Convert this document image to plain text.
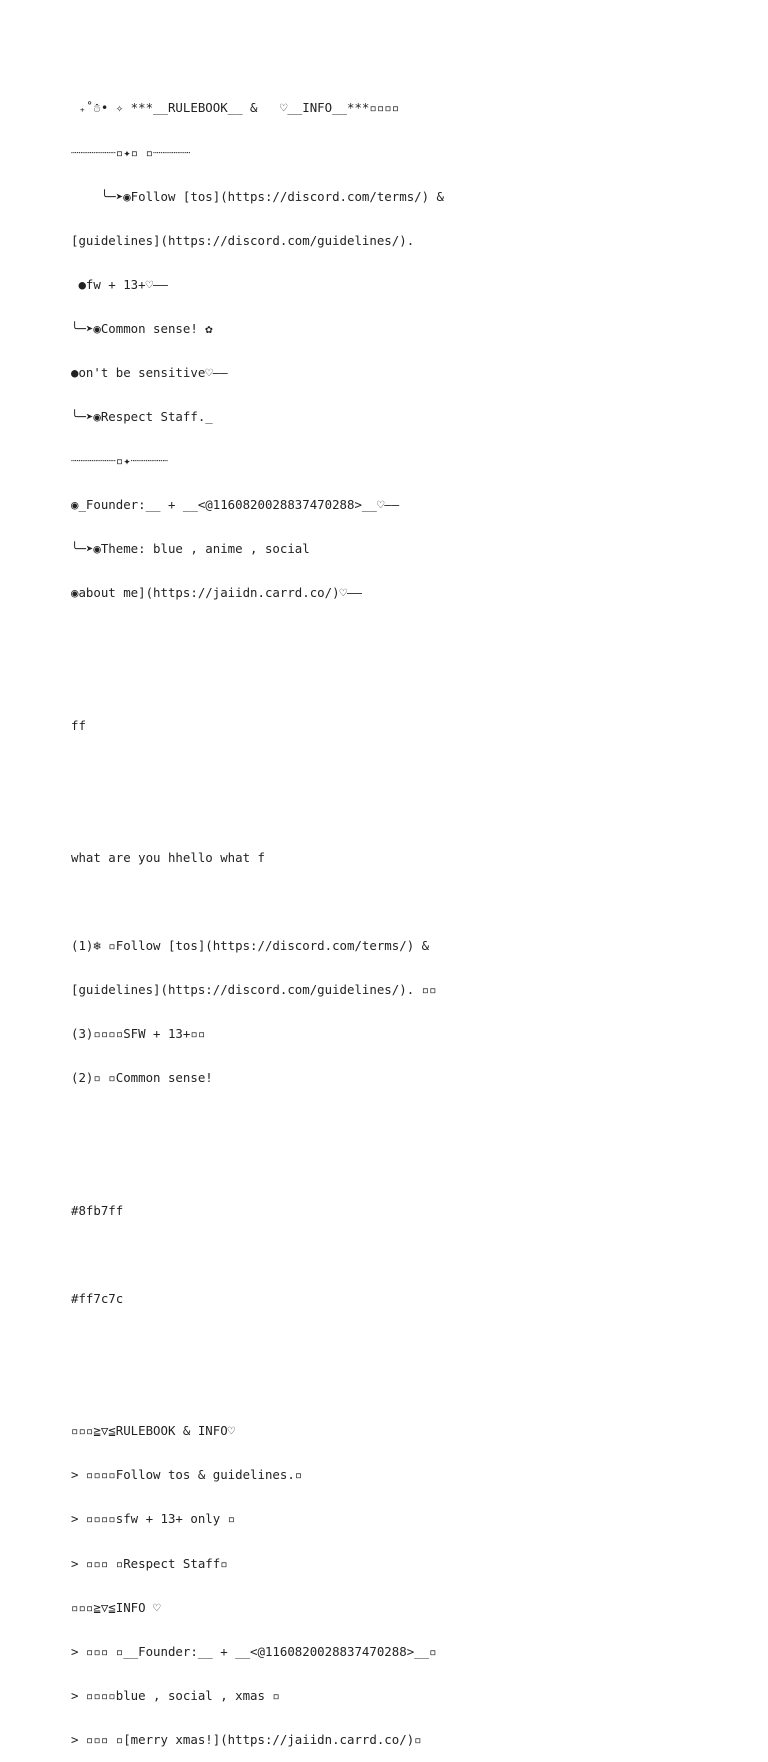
₊˚☃• ✧ ***__RULEBOOK__ &   ♡__INFO__***▫▫▫▫

┈┈┈┈┈┈▫✦▫ ▫┈┈┈┈┈

╰─➤◉Follow [tos](https://discord.com/terms/) &

[guidelines](https://discord.com/guidelines/).

●fw + 13+♡——

╰─➤◉Common sense! ✿

●on't be sensitive♡——

╰─➤◉Respect Staff._

┈┈┈┈┈┈▫✦┈┈┈┈┈

◉_Founder:__ + __<@1160820028837470288>__♡——

╰─➤◉Theme: blue , anime , social

◉about me](https://jaiidn.carrd.co/)♡——

ff

what are you hhello what f

(1)❄ ▫Follow [tos](https://discord.com/terms/) &

[guidelines](https://discord.com/guidelines/). ▫▫

(3)▫▫▫▫SFW + 13+▫▫

(2)▫ ▫Common sense!

#8fb7ff

#ff7c7c

▫▫▫≧▽≦RULEBOOK & INFO♡

> ▫▫▫▫Follow tos & guidelines.▫

> ▫▫▫▫sfw + 13+ only ▫

> ▫▫▫ ▫Respect Staff▫

▫▫▫≧▽≦INFO ♡

> ▫▫▫ ▫__Founder:__ + __<@1160820028837470288>__▫

> ▫▫▫▫blue , social , xmas ▫

> ▫▫▫ ▫[merry xmas!](https://jaiidn.carrd.co/)▫
